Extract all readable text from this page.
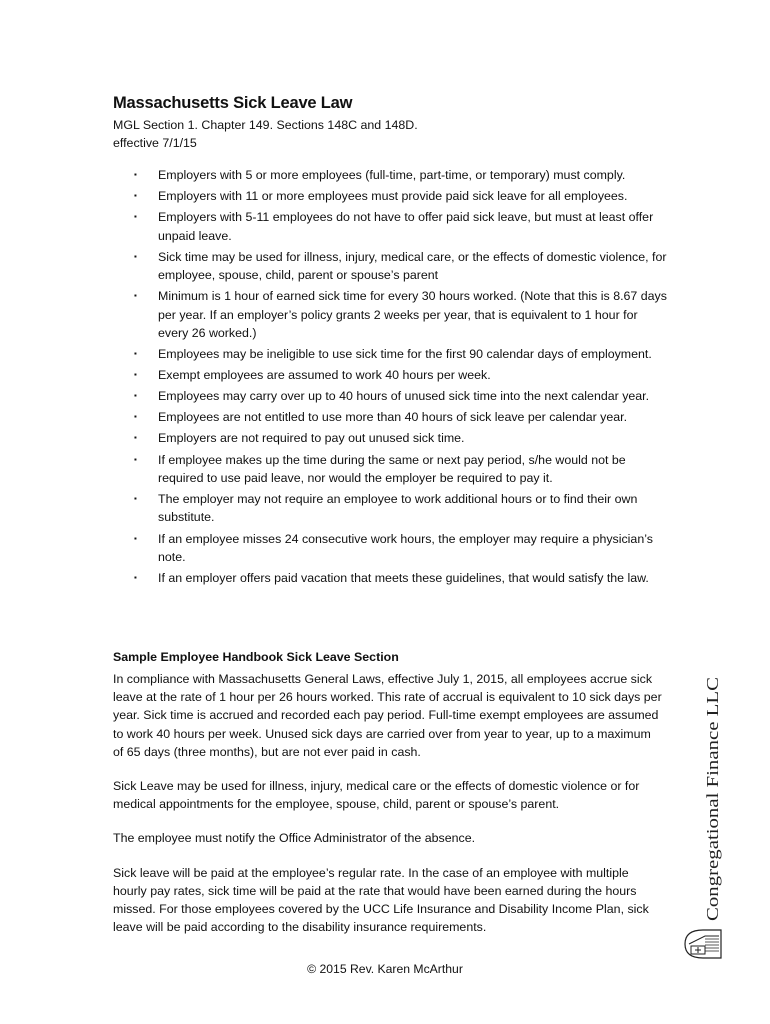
Massachusetts Sick Leave Law

MGL Section 1. Chapter 149. Sections 148C and 148D.

effective 7/1/15

▪ Employers with 5 or more employees (full-time, part-time, or temporary) must comply.
▪ Employers with 11 or more employees must provide paid sick leave for all employees.
▪ Employers with 5-11 employees do not have to offer paid sick leave, but must at least offer unpaid leave.
▪ Sick time may be used for illness, injury, medical care, or the effects of domestic violence, for employee, spouse, child, parent or spouse’s parent
▪ Minimum is 1 hour of earned sick time for every 30 hours worked. (Note that this is 8.67 days per year. If an employer’s policy grants 2 weeks per year, that is equivalent to 1 hour for every 26 worked.)
▪ Employees may be ineligible to use sick time for the first 90 calendar days of employment.
▪ Exempt employees are assumed to work 40 hours per week.
▪ Employees may carry over up to 40 hours of unused sick time into the next calendar year.
▪ Employees are not entitled to use more than 40 hours of sick leave per calendar year.
▪ Employers are not required to pay out unused sick time.
▪ If employee makes up the time during the same or next pay period, s/he would not be required to use paid leave, nor would the employer be required to pay it.
▪ The employer may not require an employee to work additional hours or to find their own substitute.
▪ If an employee misses 24 consecutive work hours, the employer may require a physician’s note.
▪ If an employer offers paid vacation that meets these guidelines, that would satisfy the law.
Sample Employee Handbook Sick Leave Section

In compliance with Massachusetts General Laws, effective July 1, 2015, all employees accrue sick leave at the rate of 1 hour per 26 hours worked. This rate of accrual is equivalent to 10 sick days per year. Sick time is accrued and recorded each pay period. Full-time exempt employees are assumed to work 40 hours per week. Unused sick days are carried over from year to year, up to a maximum of 65 days (three months), but are not ever paid in cash.

Sick Leave may be used for illness, injury, medical care or the effects of domestic violence or for medical appointments for the employee, spouse, child, parent or spouse’s parent.

The employee must notify the Office Administrator of the absence.

Sick leave will be paid at the employee’s regular rate. In the case of an employee with multiple hourly pay rates, sick time will be paid at the rate that would have been earned during the hours missed. For those employees covered by the UCC Life Insurance and Disability Income Plan, sick leave will be paid according to the disability insurance requirements.

© 2015 Rev. Karen McArthur

Congregational Finance LLC
